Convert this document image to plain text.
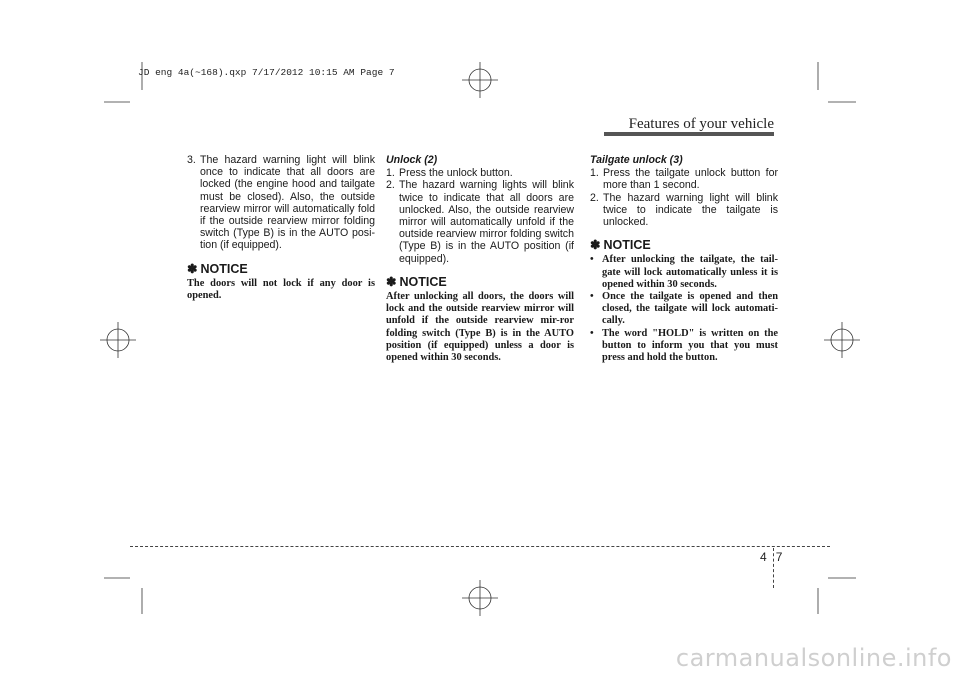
JD eng 4a(~168).qxp 7/17/2012 10:15 AM Page 7
Features of your vehicle
3. The hazard warning light will blink once to indicate that all doors are locked (the engine hood and tailgate must be closed). Also, the outside rearview mirror will automatically fold if the outside rearview mirror folding switch (Type B) is in the AUTO posi-tion (if equipped).
✽ NOTICE
The doors will not lock if any door is opened.
Unlock (2)
1. Press the unlock button.
2. The hazard warning lights will blink twice to indicate that all doors are unlocked. Also, the outside rearview mirror will automatically unfold if the outside rearview mirror folding switch (Type B) is in the AUTO position (if equipped).
✽ NOTICE
After unlocking all doors, the doors will lock and the outside rearview mirror will unfold if the outside rearview mir-ror folding switch (Type B) is in the AUTO position (if equipped) unless a door is opened within 30 seconds.
Tailgate unlock (3)
1. Press the tailgate unlock button for more than 1 second.
2. The hazard warning light will blink twice to indicate the tailgate is unlocked.
✽ NOTICE
• After unlocking the tailgate, the tail-gate will lock automatically unless it is opened within 30 seconds.
• Once the tailgate is opened and then closed, the tailgate will lock automati-cally.
• The word "HOLD" is written on the button to inform you that you must press and hold the button.
4 7
carmanualsonline.info
